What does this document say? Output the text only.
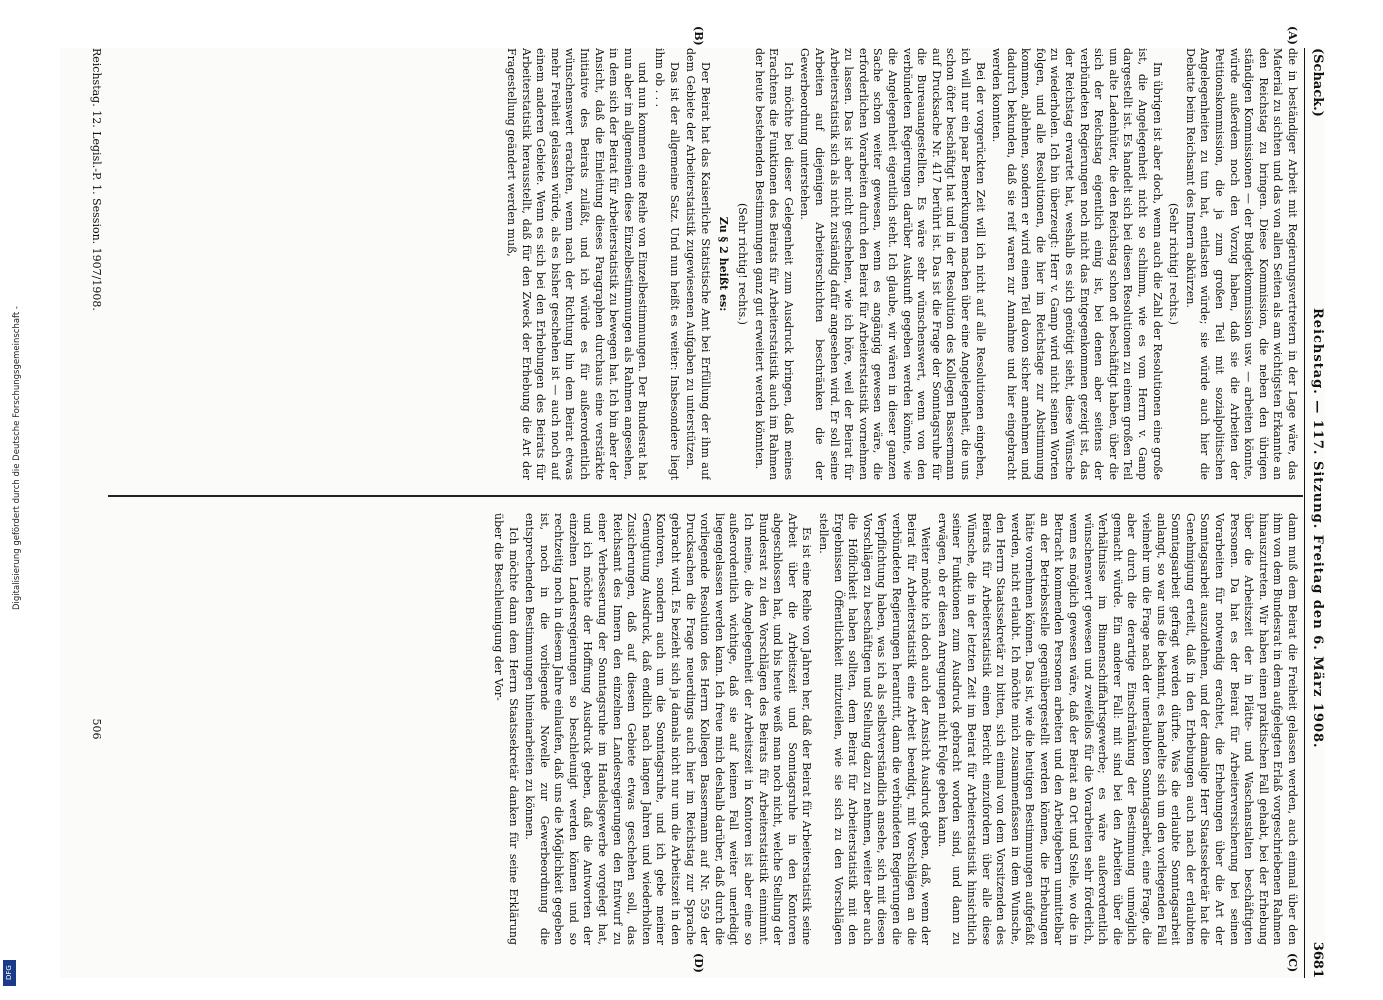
Digitalisierung gefördert durch die Deutsche Forschungsgemeinschaft -
DFG
(Schack.)
Reichstag. — 117. Sitzung. Freitag den 6. März 1908.
3681
(A)
(B)
(C)
(D)

die in beständiger Arbeit mit Regierungsvertretern in der Lage wäre, das Material zu sichten und das von allen Seiten als am wichtigsten Erkannte an den Reichstag zu bringen. Diese Kommission, die neben den übrigen ständigen Kommissionen — der Budgetkommission usw. — arbeiten könnte, würde außerdem noch den Vorzug haben, daß sie die Arbeiten der Petitionskommission, die ja zum großen Teil mit sozialpolitischen Angelegenheiten zu tun hat, entlasten würde; sie würde auch hier die Debatte beim Reichsamt des Innern abkürzen.

(Sehr richtig! rechts.)

Im übrigen ist aber doch, wenn auch die Zahl der Resolutionen eine große ist, die Angelegenheit nicht so schlimm, wie es vom Herrn v. Gamp dargestellt ist. Es handelt sich bei diesen Resolutionen zu einem großen Teil um alte Ladenhüter, die den Reichstag schon oft beschäftigt haben, über die sich der Reichstag eigentlich einig ist, bei denen aber seitens der verbündeten Regierungen noch nicht das Entgegenkommen gezeigt ist, das der Reichstag erwartet hat, weshalb es sich genötigt sieht, diese Wünsche zu wiederholen. Ich bin überzeugt: Herr v. Gamp wird nicht seinen Worten folgen, und alle Resolutionen, die hier im Reichstage zur Abstimmung kommen, ablehnen, sondern er wird einen Teil davon sicher annehmen und dadurch bekunden, daß sie reif waren zur Annahme und hier eingebracht werden konnten.

Bei der vorgerückten Zeit will ich nicht auf alle Resolutionen eingehen, ich will nur ein paar Bemerkungen machen über eine Angelegenheit, die uns schon öfter beschäftigt hat und in der Resolution des Kollegen Bassermann auf Drucksache Nr. 417 berührt ist. Das ist die Frage der Sonntagsruhe für die Bureauangestellten. Es wäre sehr wünschenswert, wenn von den verbündeten Regierungen darüber Auskunft gegeben werden könnte, wie die Angelegenheit eigentlich steht. Ich glaube, wir wären in dieser ganzen Sache schon weiter gewesen, wenn es angängig gewesen wäre, die erforderlichen Vorarbeiten durch den Beirat für Arbeiterstatistik vornehmen zu lassen. Das ist aber nicht geschehen, wie ich höre, weil der Beirat für Arbeiterstatistik sich als nicht zuständig dafür angesehen wird. Er soll seine Arbeiten auf diejenigen Arbeiterschichten beschränken die der Gewerbeordnung unterstehen.

Ich möchte bei dieser Gelegenheit zum Ausdruck bringen, daß meines Erachtens die Funktionen des Beirats für Arbeiterstatistik auch im Rahmen der heute bestehenden Bestimmungen ganz gut erweitert werden könnten.

(Sehr richtig! rechts.)

Zu § 2 heißt es:

Der Beirat hat das Kaiserliche Statistische Amt bei Erfüllung der ihm auf dem Gebiete der Arbeiterstatistik zugewiesenen Aufgaben zu unterstützen.

Das ist der allgemeine Satz. Und nun heißt es weiter: Insbesondere liegt ihm ob . . .

und nun kommen eine Reihe von Einzelbestimmungen. Der Bundesrat hat nun aber im allgemeinen diese Einzelbestimmungen als Rahmen angesehen, in dem sich der Beirat für Arbeiterstatistik zu bewegen hat. Ich bin aber der Ansicht, daß die Einleitung dieses Paragraphen durchaus eine verstärkte Initiative des Beirats zuläßt, und ich würde es für außerordentlich wünschenswert erachten, wenn nach der Richtung hin dem Beirat etwas mehr Freiheit gelassen würde, als es bisher geschehen ist — auch noch auf einem anderen Gebiete. Wenn es sich bei den Erhebungen des Beirats für Arbeiterstatistik herausstellt, daß für den Zweck der Erhebung die Art der Fragestellung geändert werden muß,

dann muß dem Beirat die Freiheit gelassen werden, auch einmal über den ihm von dem Bundesrat in dem aufgelegten Erlaß vorgeschriebenen Rahmen hinauszutreten. Wir haben einen praktischen Fall gehabt, bei der Erhebung über die Arbeitszeit der in Plätte- und Waschanstalten beschäftigten Personen. Da hat es der Beirat für Arbeiterversicherung bei seinen Vorarbeiten für notwendig erachtet, die Erhebungen über die Art der Sonntagsarbeit auszudehnen, und der damalige Herr Staatssekretär hat die Genehmigung erteilt, daß in den Erhebungen auch nach der erlaubten Sonntagsarbeit gefragt werden dürfte. Was die erlaubte Sonntagsarbeit anlangt, so war uns die bekannt, es handelte sich um den vorliegenden Fall vielmehr um die Frage nach der unerlaubten Sonntagsarbeit, eine Frage, die aber durch die derartige Einschränkung der Bestimmung unmöglich gemacht würde. Ein anderer Fall: mit sind bei den Arbeiten über die Verhältnisse im Binnenschiffahrtsgewerbe; es wäre außerordentlich wünschenswert gewesen und zweifellos für die Vorarbeiten sehr förderlich, wenn es möglich gewesen wäre, daß der Beirat an Ort und Stelle, wo die in Betracht kommenden Personen arbeiten und den Arbeitgebern unmittelbar an der Betriebsstelle gegenübergestellt werden können, die Erhebungen hätte vornehmen können. Das ist, wie die heutigen Bestimmungen aufgefaßt werden, nicht erlaubt. Ich möchte mich zusammenfassen in dem Wunsche, den Herrn Staatssekretär zu bitten, sich einmal von dem Vorsitzenden des Beirats für Arbeiterstatistik einen Bericht einzufordern über alle diese Wünsche, die in der letzten Zeit im Beirat für Arbeiterstatistik hinsichtlich seiner Funktionen zum Ausdruck gebracht worden sind, und dann zu erwägen, ob er diesen Anregungen nicht Folge geben kann.

Weiter möchte ich doch auch der Ansicht Ausdruck geben, daß, wenn der Beirat für Arbeiterstatistik eine Arbeit beendigt, mit Vorschlägen an die verbündeten Regierungen herantritt, dann die verbündeten Regierungen die Verpflichtung haben, was ich als selbstverständlich ansehe, sich mit diesen Vorschlägen zu beschäftigen und Stellung dazu zu nehmen, weiter aber auch die Höflichkeit haben sollten, dem Beirat für Arbeiterstatistik mit den Ergebnissen Öffentlichkeit mitzuteilen, wie sie sich zu den Vorschlägen stellen.

Es ist eine Reihe von Jahren her, daß der Beirat für Arbeiterstatistik seine Arbeit über die Arbeitszeit und Sonntagsruhe in den Kontoren abgeschlossen hat, und bis heute weiß man noch nicht, welche Stellung der Bundesrat zu den Vorschlägen des Beirats für Arbeiterstatistik einnimmt. Ich meine, die Angelegenheit der Arbeitszeit in Kontoren ist aber eine so außerordentlich wichtige, daß sie auf keinen Fall weiter unerledigt liegengelassen werden kann. Ich freue mich deshalb darüber, daß durch die vorliegende Resolution des Herrn Kollegen Bassermann auf Nr. 559 der Drucksachen die Frage neuerdings auch hier im Reichstag zur Sprache gebracht wird. Es bezieht sich ja damals nicht nur um die Arbeitszeit in den Kontoren, sondern auch um die Sonntagsruhe, und ich gebe meiner Genugtuung Ausdruck, daß endlich nach langen Jahren und wiederholten Zusicherungen, daß auf diesem Gebiete etwas geschehen soll, das Reichsamt des Innern den einzelnen Landesregierungen den Entwurf zu einer Verbesserung der Sonntagsruhe im Handelsgewerbe vorgelegt hat, und ich möchte der Hoffnung Ausdruck geben, daß die Antworten der einzelnen Landesregierungen so beschleunigt werden können und so rechtzeitig noch in diesem Jahre einlaufen, daß uns die Möglichkeit gegeben ist, noch in die vorliegende Novelle zur Gewerbeordnung die entsprechenden Bestimmungen hineinarbeiten zu können.

Ich möchte dann dem Herrn Staatssekretär danken für seine Erklärung über die Beschleunigung der Vor-

Reichstag. 12. Legisl.-P. 1. Session. 1907/1908.
506
